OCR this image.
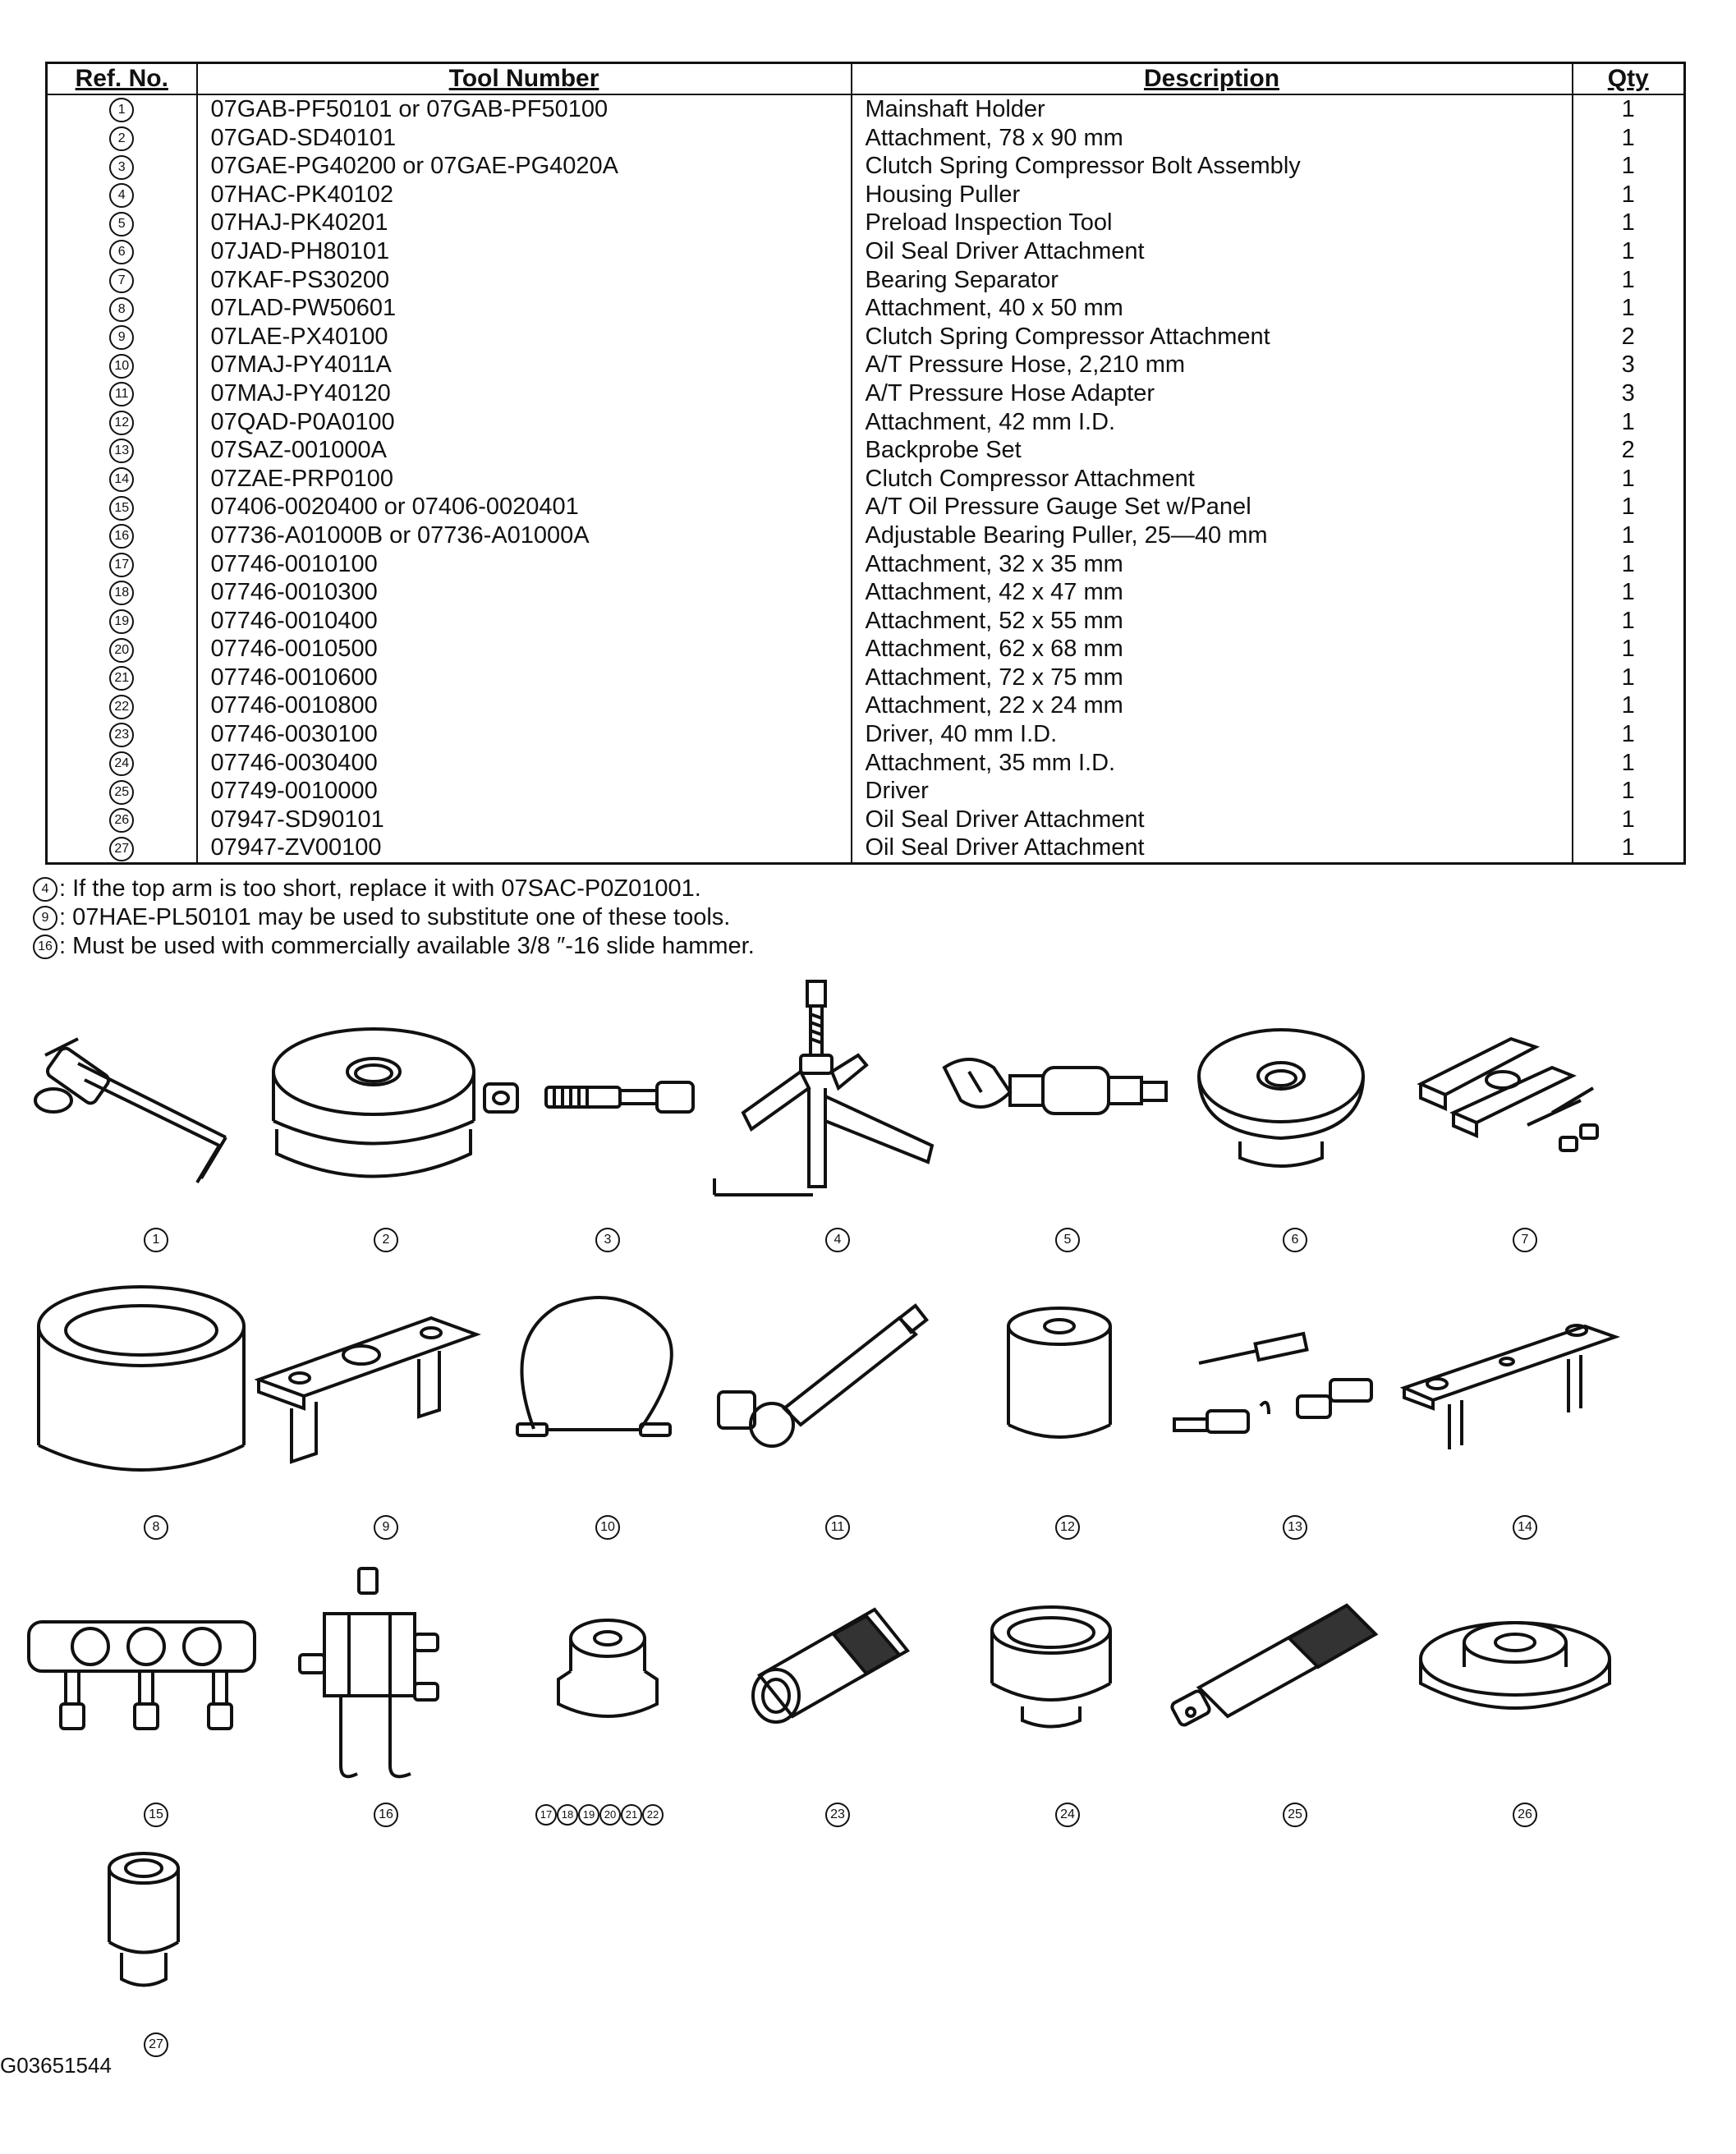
Ref. No.	Tool Number	Description	Qty
1	07GAB-PF50101 or 07GAB-PF50100	Mainshaft Holder	1
2	07GAD-SD40101	Attachment, 78 x 90 mm	1
3	07GAE-PG40200 or 07GAE-PG4020A	Clutch Spring Compressor Bolt Assembly	1
4	07HAC-PK40102	Housing Puller	1
5	07HAJ-PK40201	Preload Inspection Tool	1
6	07JAD-PH80101	Oil Seal Driver Attachment	1
7	07KAF-PS30200	Bearing Separator	1
8	07LAD-PW50601	Attachment, 40 x 50 mm	1
9	07LAE-PX40100	Clutch Spring Compressor Attachment	2
10	07MAJ-PY4011A	A/T Pressure Hose, 2,210 mm	3
11	07MAJ-PY40120	A/T Pressure Hose Adapter	3
12	07QAD-P0A0100	Attachment, 42 mm I.D.	1
13	07SAZ-001000A	Backprobe Set	2
14	07ZAE-PRP0100	Clutch Compressor Attachment	1
15	07406-0020400 or 07406-0020401	A/T Oil Pressure Gauge Set w/Panel	1
16	07736-A01000B or 07736-A01000A	Adjustable Bearing Puller, 25—40 mm	1
17	07746-0010100	Attachment, 32 x 35 mm	1
18	07746-0010300	Attachment, 42 x 47 mm	1
19	07746-0010400	Attachment, 52 x 55 mm	1
20	07746-0010500	Attachment, 62 x 68 mm	1
21	07746-0010600	Attachment, 72 x 75 mm	1
22	07746-0010800	Attachment, 22 x 24 mm	1
23	07746-0030100	Driver, 40 mm I.D.	1
24	07746-0030400	Attachment, 35 mm I.D.	1
25	07749-0010000	Driver	1
26	07947-SD90101	Oil Seal Driver Attachment	1
27	07947-ZV00100	Oil Seal Driver Attachment	1
4 : If the top arm is too short, replace it with 07SAC-P0Z01001.
9 : 07HAE-PL50101 may be used to substitute one of these tools.
16 : Must be used with commercially available 3/8 ″-16 slide hammer.
1	2	3	4	5	6	7
8	9	10	11	12	13	14
15	16	17 18 19 20 21 22	23	24	25	26
27
G03651544
